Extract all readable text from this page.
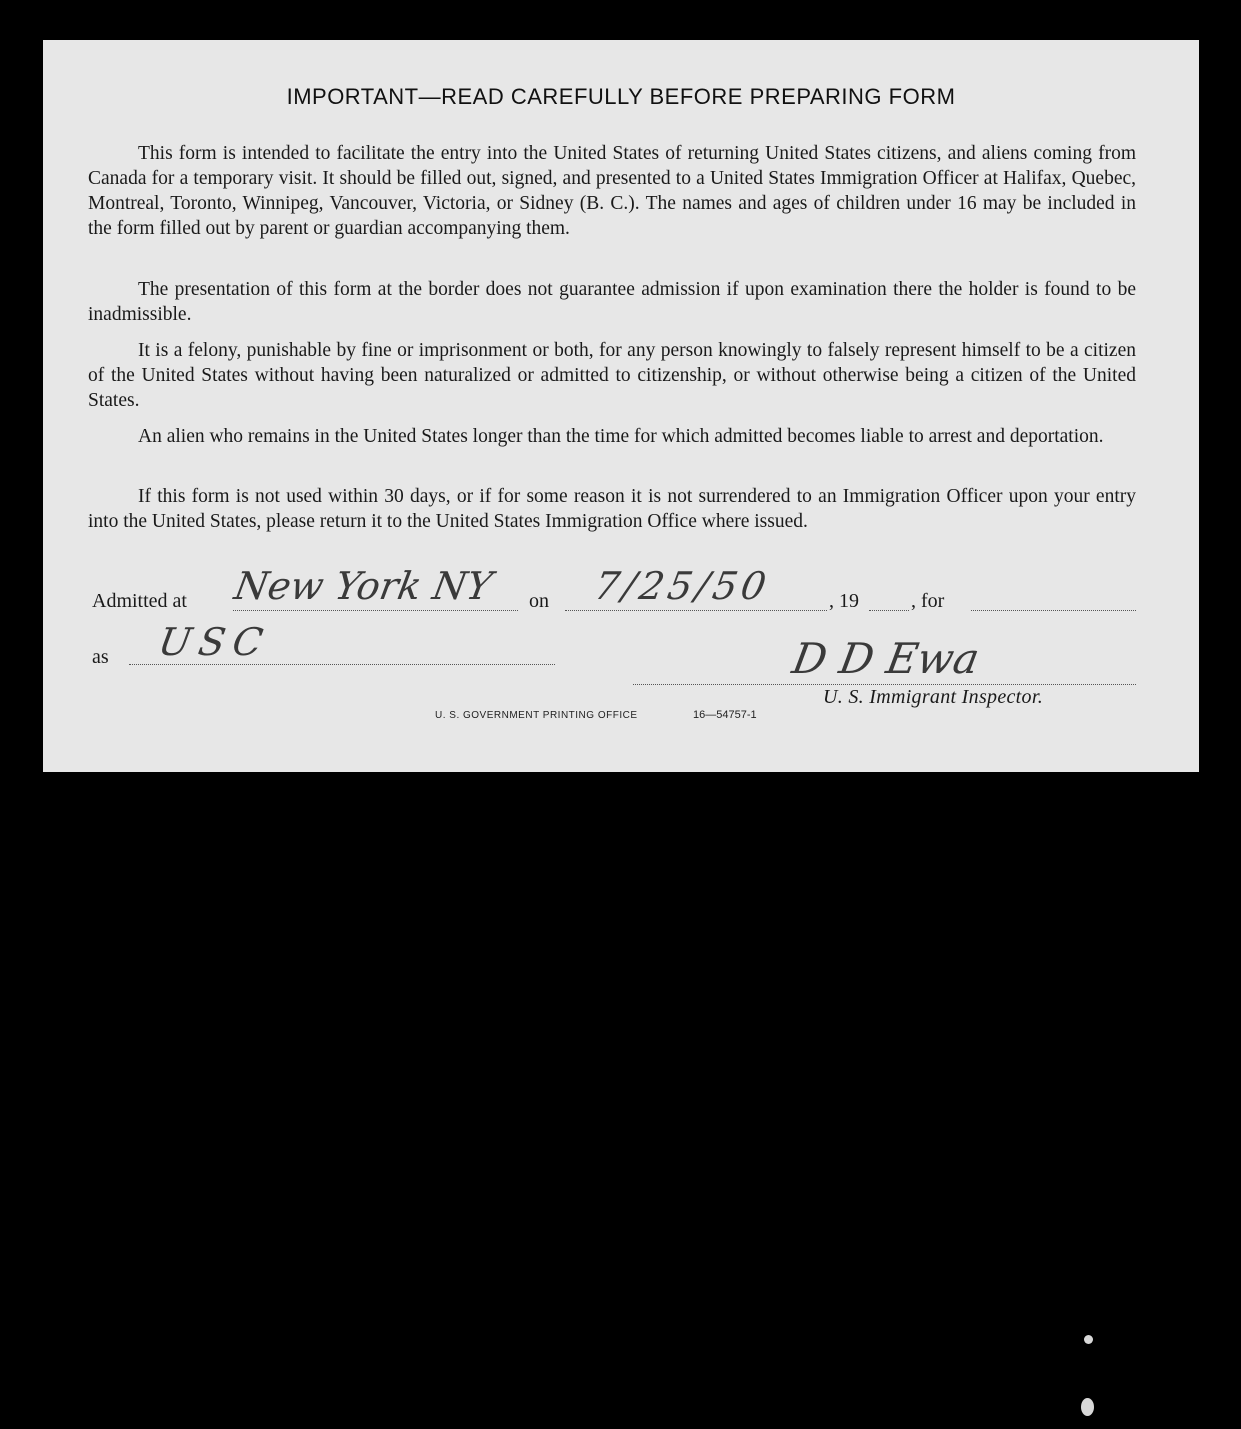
IMPORTANT—READ CAREFULLY BEFORE PREPARING FORM

This form is intended to facilitate the entry into the United States of returning United States citizens, and aliens coming from Canada for a temporary visit. It should be filled out, signed, and presented to a United States Immigration Officer at Halifax, Quebec, Montreal, Toronto, Winnipeg, Vancouver, Victoria, or Sidney (B. C.). The names and ages of children under 16 may be included in the form filled out by parent or guardian accompanying them.

The presentation of this form at the border does not guarantee admission if upon examination there the holder is found to be inadmissible.

It is a felony, punishable by fine or imprisonment or both, for any person knowingly to falsely represent himself to be a citizen of the United States without having been naturalized or admitted to citizenship, or without otherwise being a citizen of the United States.

An alien who remains in the United States longer than the time for which admitted becomes liable to arrest and deportation.

If this form is not used within 30 days, or if for some reason it is not surrendered to an Immigration Officer upon your entry into the United States, please return it to the United States Immigration Office where issued.

Admitted at New York NY on 7/25/50	, 19	, for
as USC	D D Ewa
U. S. Immigrant Inspector.
U. S. GOVERNMENT PRINTING OFFICE	16—54757-1
